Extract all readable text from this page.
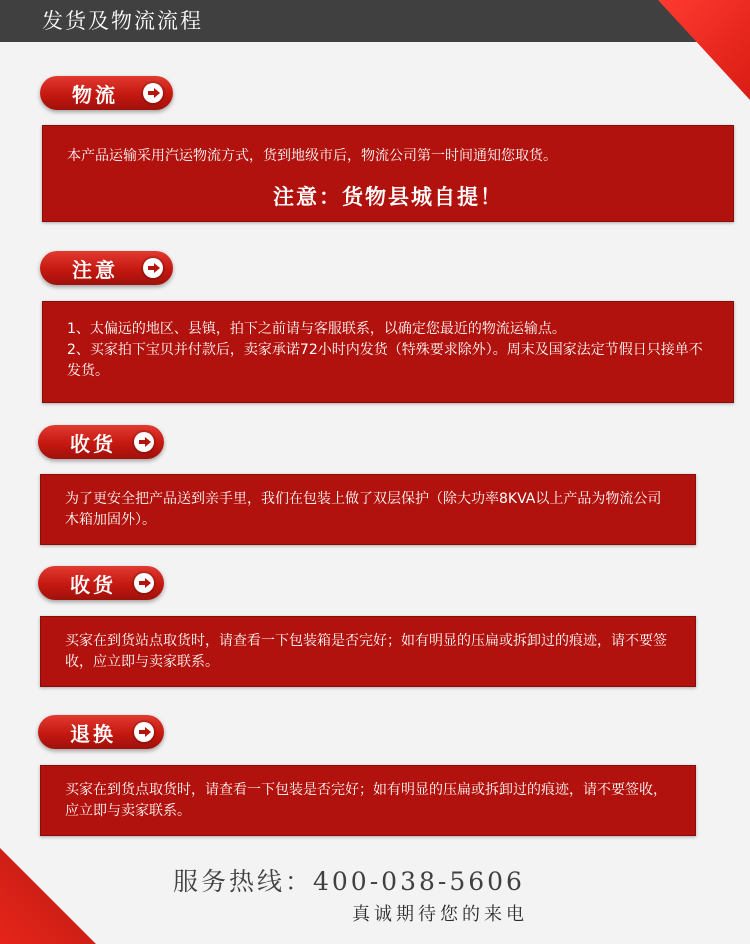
发货及物流流程
物流

本产品运输采用汽运物流方式，货到地级市后，物流公司第一时间通知您取货。

注意：货物县城自提！
注意

1、太偏远的地区、县镇，拍下之前请与客服联系，以确定您最近的物流运输点。

2、买家拍下宝贝并付款后，卖家承诺72小时内发货（特殊要求除外）。周末及国家法定节假日只接单不发货。

收货

为了更安全把产品送到亲手里，我们在包装上做了双层保护（除大功率8KVA以上产品为物流公司木箱加固外）。

收货

买家在到货站点取货时，请查看一下包装箱是否完好；如有明显的压扁或拆卸过的痕迹，请不要签收，应立即与卖家联系。

退换

买家在到货点取货时，请查看一下包装是否完好；如有明显的压扁或拆卸过的痕迹，请不要签收，应立即与卖家联系。

服务热线：400-038-5606
真诚期待您的来电
